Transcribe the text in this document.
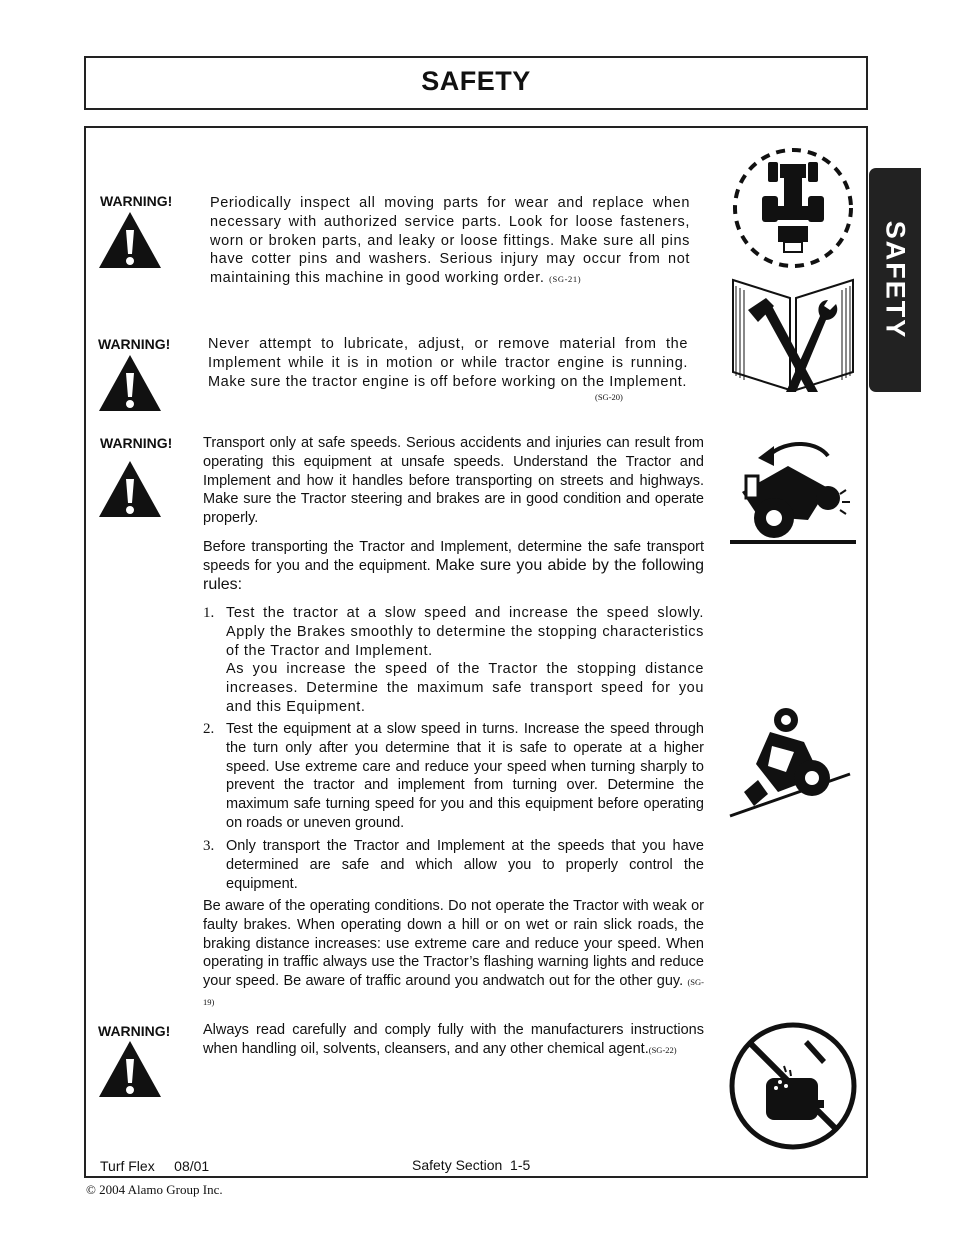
SAFETY
SAFETY
WARNING!	Periodically inspect all moving parts for wear and replace when necessary with authorized service parts. Look for loose fasteners, worn or broken parts, and leaky or loose fittings. Make sure all pins have cotter pins and washers. Serious injury may occur from not maintaining this machine in good working order. (SG-21)
WARNING!	Never attempt to lubricate, adjust, or remove material from the Implement while it is in motion or while tractor engine is running. Make sure the tractor engine is off before working on the Implement.
(SG-20)
WARNING! Transport only at safe speeds. Serious accidents and injuries can result from operating this equipment at unsafe speeds. Understand the Tractor and Implement and how it handles before transporting on streets and highways. Make sure the Tractor steering and brakes are in good condition and operate properly.
Before transporting the Tractor and Implement, determine the safe transport speeds for you and the equipment. Make sure you abide by the following rules:
1. Test the tractor at a slow speed and increase the speed slowly. Apply the Brakes smoothly to determine the stopping characteristics of the Tractor and Implement.
As you increase the speed of the Tractor the stopping distance increases. Determine the maximum safe transport speed for you and this Equipment.
2. Test the equipment at a slow speed in turns. Increase the speed through the turn only after you determine that it is safe to operate at a higher speed. Use extreme care and reduce your speed when turning sharply to prevent the tractor and implement from turning over. Determine the maximum safe turning speed for you and this equipment before operating on roads or uneven ground.
3. Only transport the Tractor and Implement at the speeds that you have determined are safe and which allow you to properly control the equipment.
Be aware of the operating conditions. Do not operate the Tractor with weak or faulty brakes. When operating down a hill or on wet or rain slick roads, the braking distance increases: use extreme care and reduce your speed. When operating in traffic always use the Tractor’s flashing warning lights and reduce your speed. Be aware of traffic around you andwatch out for the other guy. (SG-19)
WARNING! Always read carefully and comply fully with the manufacturers instructions when handling oil, solvents, cleansers, and any other chemical agent.(SG-22)
Turf Flex     08/01	Safety Section  1-5
© 2004 Alamo Group Inc.
